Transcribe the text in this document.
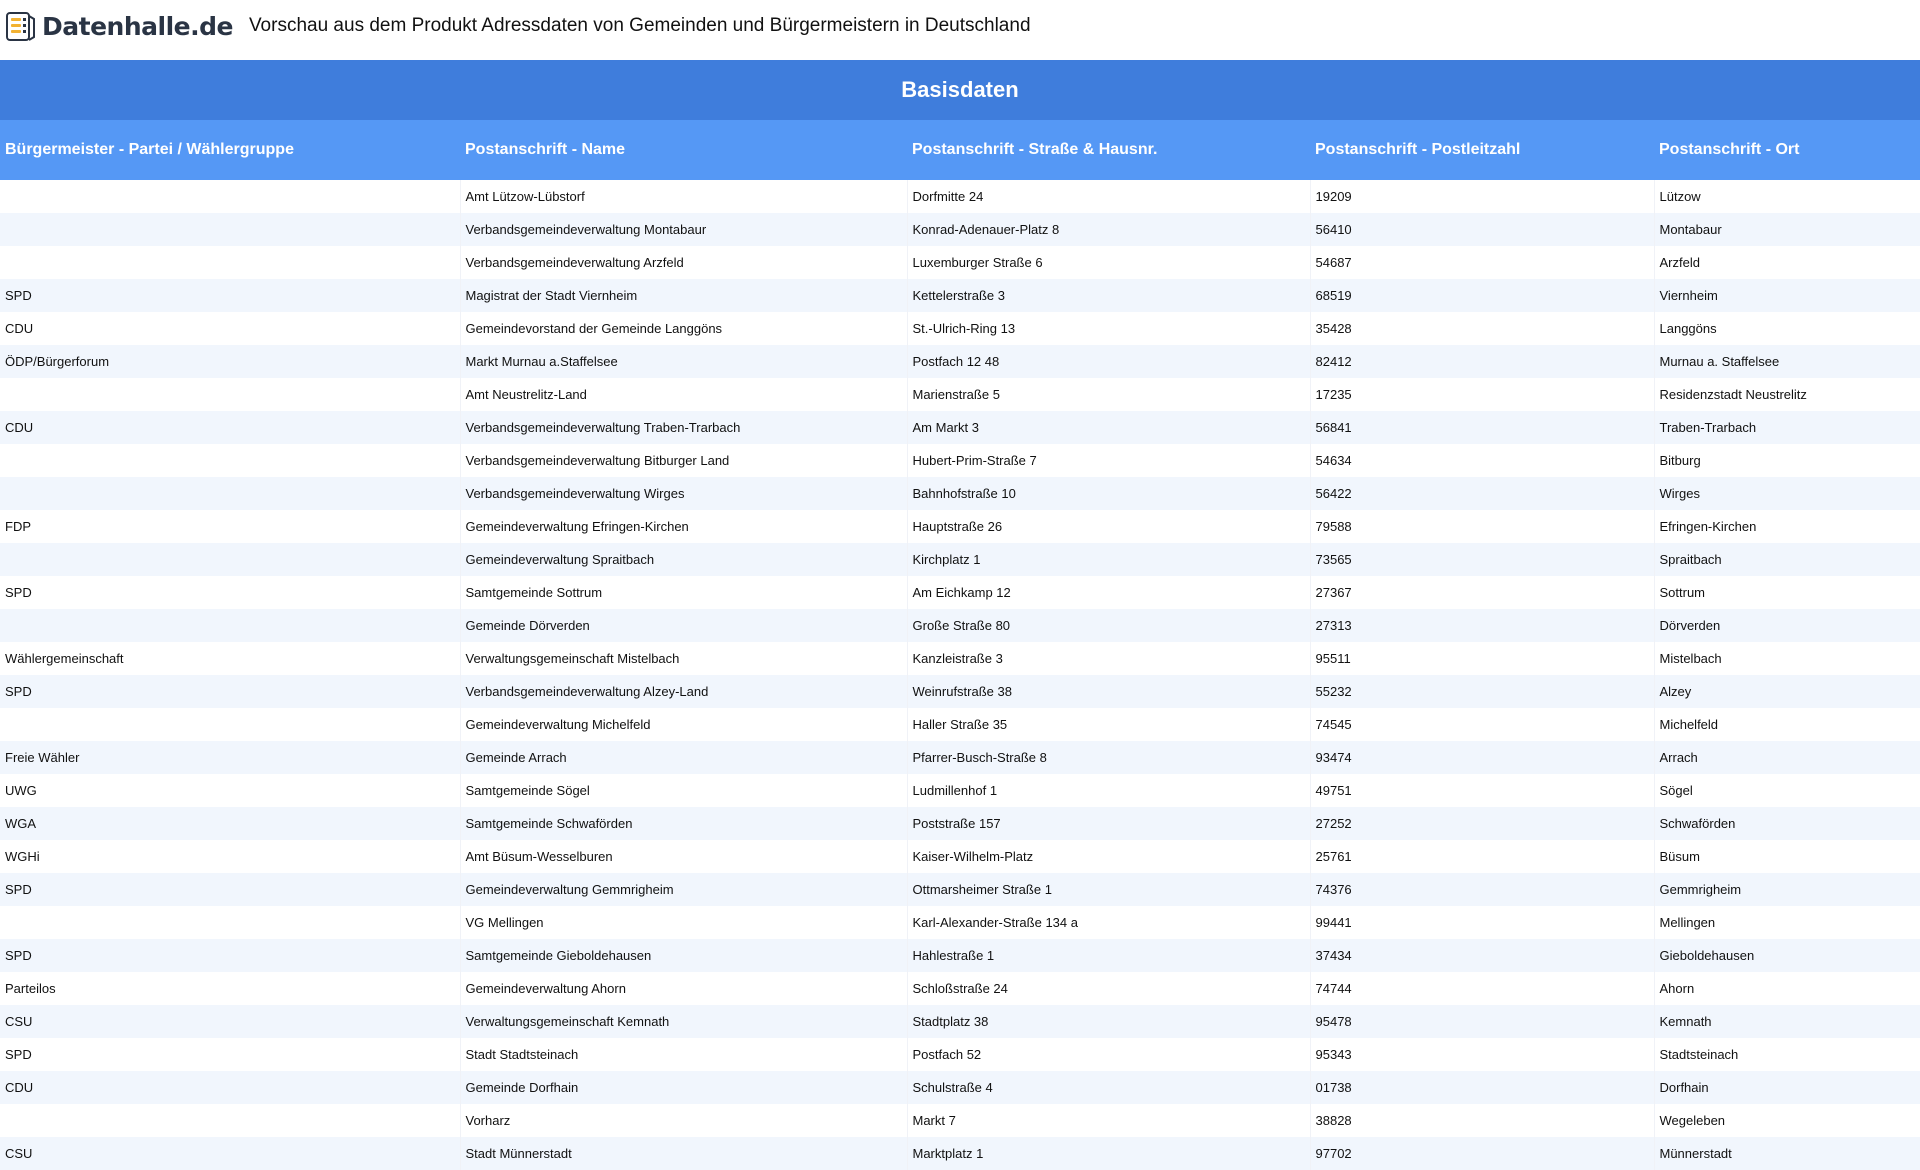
Datenhalle.de Vorschau aus dem Produkt Adressdaten von Gemeinden und Bürgermeistern in Deutschland
Basisdaten
Bürgermeister - Partei / Wählergruppe	Postanschrift - Name	Postanschrift - Straße & Hausnr.	Postanschrift - Postleitzahl	Postanschrift - Ort
	Amt Lützow-Lübstorf	Dorfmitte 24	19209	Lützow
	Verbandsgemeindeverwaltung Montabaur	Konrad-Adenauer-Platz 8	56410	Montabaur
	Verbandsgemeindeverwaltung Arzfeld	Luxemburger Straße 6	54687	Arzfeld
SPD	Magistrat der Stadt Viernheim	Kettelerstraße 3	68519	Viernheim
CDU	Gemeindevorstand der Gemeinde Langgöns	St.-Ulrich-Ring 13	35428	Langgöns
ÖDP/Bürgerforum	Markt Murnau a.Staffelsee	Postfach 12 48	82412	Murnau a. Staffelsee
	Amt Neustrelitz-Land	Marienstraße 5	17235	Residenzstadt Neustrelitz
CDU	Verbandsgemeindeverwaltung Traben-Trarbach	Am Markt 3	56841	Traben-Trarbach
	Verbandsgemeindeverwaltung Bitburger Land	Hubert-Prim-Straße 7	54634	Bitburg
	Verbandsgemeindeverwaltung Wirges	Bahnhofstraße 10	56422	Wirges
FDP	Gemeindeverwaltung Efringen-Kirchen	Hauptstraße 26	79588	Efringen-Kirchen
	Gemeindeverwaltung Spraitbach	Kirchplatz 1	73565	Spraitbach
SPD	Samtgemeinde Sottrum	Am Eichkamp 12	27367	Sottrum
	Gemeinde Dörverden	Große Straße 80	27313	Dörverden
Wählergemeinschaft	Verwaltungsgemeinschaft Mistelbach	Kanzleistraße 3	95511	Mistelbach
SPD	Verbandsgemeindeverwaltung Alzey-Land	Weinrufstraße 38	55232	Alzey
	Gemeindeverwaltung Michelfeld	Haller Straße 35	74545	Michelfeld
Freie Wähler	Gemeinde Arrach	Pfarrer-Busch-Straße 8	93474	Arrach
UWG	Samtgemeinde Sögel	Ludmillenhof 1	49751	Sögel
WGA	Samtgemeinde Schwaförden	Poststraße 157	27252	Schwaförden
WGHi	Amt Büsum-Wesselburen	Kaiser-Wilhelm-Platz	25761	Büsum
SPD	Gemeindeverwaltung Gemmrigheim	Ottmarsheimer Straße 1	74376	Gemmrigheim
	VG Mellingen	Karl-Alexander-Straße 134 a	99441	Mellingen
SPD	Samtgemeinde Gieboldehausen	Hahlestraße 1	37434	Gieboldehausen
Parteilos	Gemeindeverwaltung Ahorn	Schloßstraße 24	74744	Ahorn
CSU	Verwaltungsgemeinschaft Kemnath	Stadtplatz 38	95478	Kemnath
SPD	Stadt Stadtsteinach	Postfach 52	95343	Stadtsteinach
CDU	Gemeinde Dorfhain	Schulstraße 4	01738	Dorfhain
	Vorharz	Markt 7	38828	Wegeleben
CSU	Stadt Münnerstadt	Marktplatz 1	97702	Münnerstadt
